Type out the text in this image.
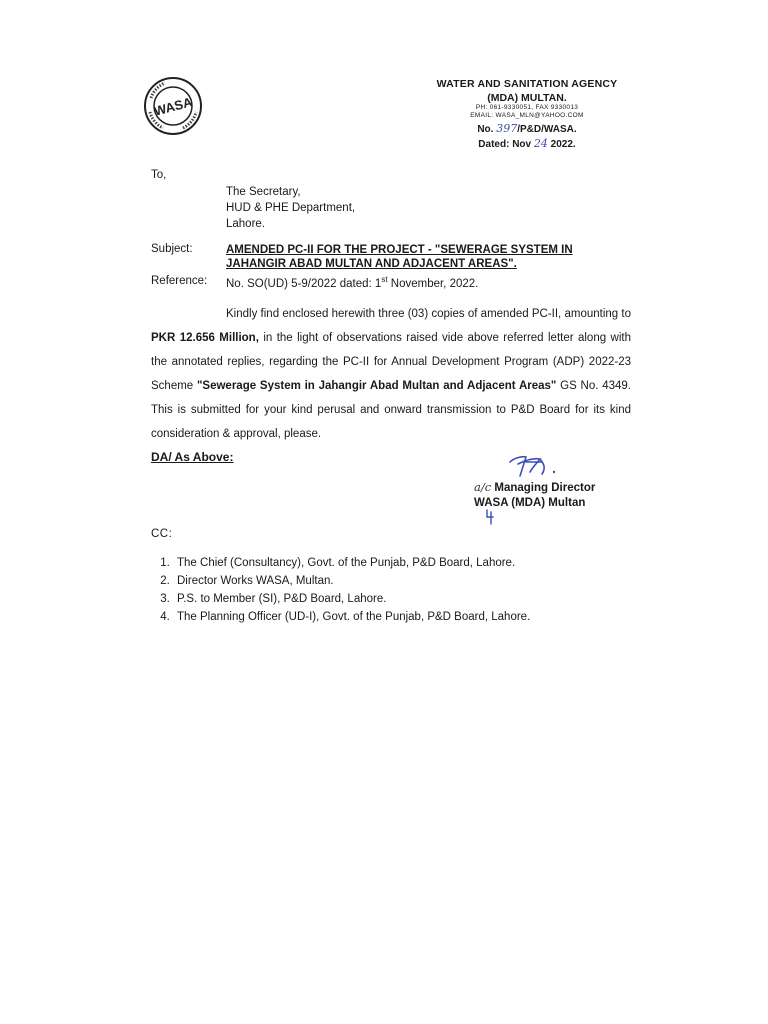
WASA
WATER AND SANITATION AGENCY
(MDA) MULTAN.
PH: 061-9330051, FAX 9330013
EMAIL: WASA_MLN@YAHOO.COM
No. 397/P&D/WASA.
Dated: Nov 24 2022.
To,
The Secretary,
HUD & PHE Department,
Lahore.
Subject:	AMENDED PC-II FOR THE PROJECT - "SEWERAGE SYSTEM IN
JAHANGIR ABAD MULTAN AND ADJACENT AREAS".
Reference: No. SO(UD) 5-9/2022 dated: 1st November, 2022.
Kindly find enclosed herewith three (03) copies of amended PC-II, amounting to PKR 12.656 Million, in the light of observations raised vide above referred letter along with the annotated replies, regarding the PC-II for Annual Development Program (ADP) 2022-23 Scheme "Sewerage System in Jahangir Abad Multan and Adjacent Areas" GS No. 4349. This is submitted for your kind perusal and onward transmission to P&D Board for its kind consideration & approval, please.
DA/ As Above:
a/c Managing Director
WASA (MDA) Multan
CC:
1. The Chief (Consultancy), Govt. of the Punjab, P&D Board, Lahore.
2. Director Works WASA, Multan.
3. P.S. to Member (SI), P&D Board, Lahore.
4. The Planning Officer (UD-I), Govt. of the Punjab, P&D Board, Lahore.
